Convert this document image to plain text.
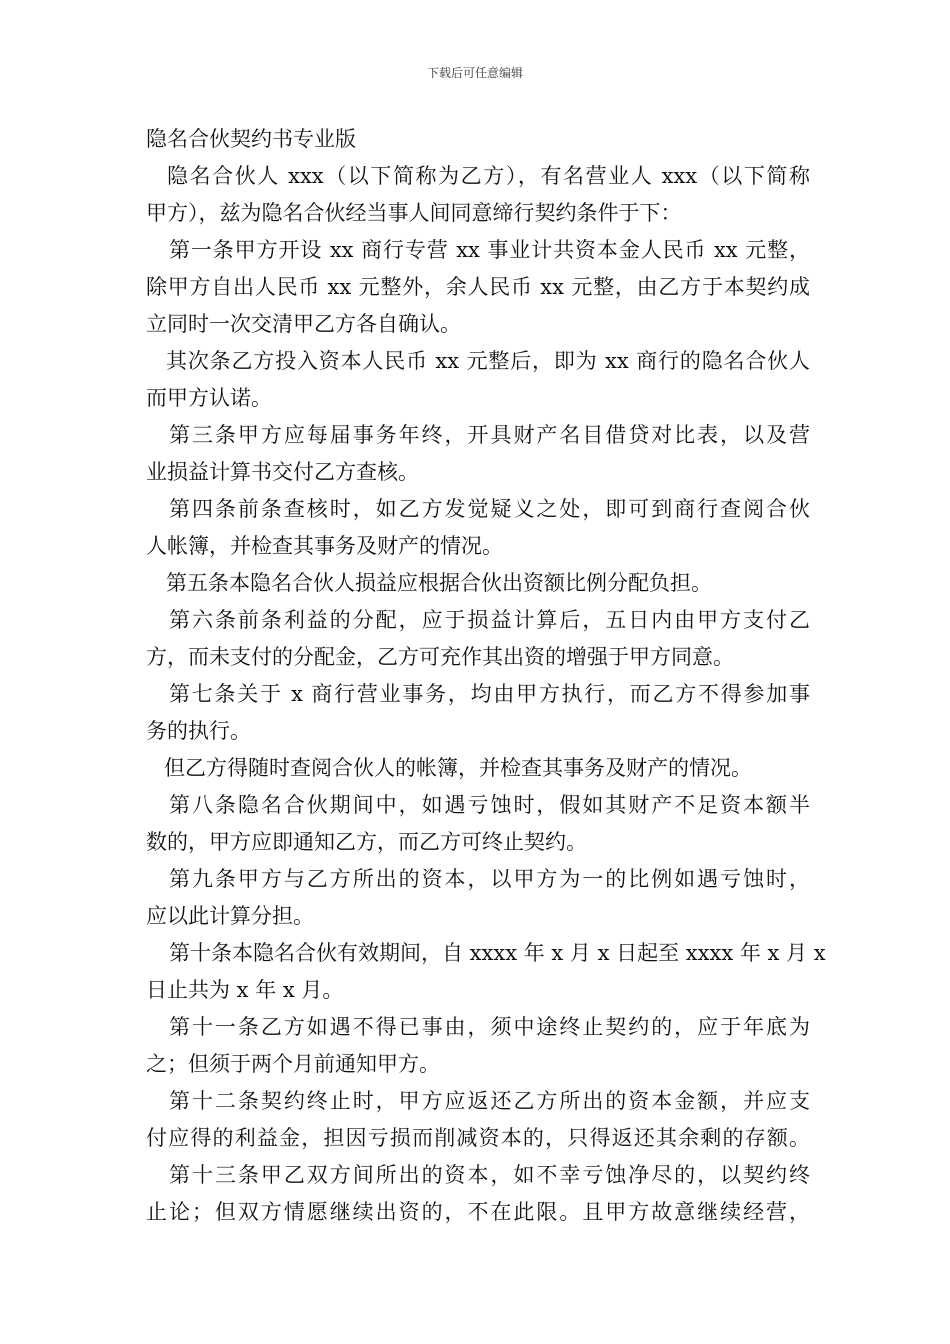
下载后可任意编辑
隐名合伙契约书专业版
隐名合伙人 xxx（以下简称为乙方），有名营业人 xxx（以下简称
甲方），兹为隐名合伙经当事人间同意缔行契约条件于下：
第一条甲方开设 xx 商行专营 xx 事业计共资本金人民币 xx 元整，
除甲方自出人民币 xx 元整外，余人民币 xx 元整，由乙方于本契约成
立同时一次交清甲乙方各自确认。
其次条乙方投入资本人民币 xx 元整后，即为 xx 商行的隐名合伙人
而甲方认诺。
第三条甲方应每届事务年终，开具财产名目借贷对比表，以及营
业损益计算书交付乙方查核。
第四条前条查核时，如乙方发觉疑义之处，即可到商行查阅合伙
人帐簿，并检查其事务及财产的情况。
第五条本隐名合伙人损益应根据合伙出资额比例分配负担。
第六条前条利益的分配，应于损益计算后，五日内由甲方支付乙
方，而未支付的分配金，乙方可充作其出资的增强于甲方同意。
第七条关于 x 商行营业事务，均由甲方执行，而乙方不得参加事
务的执行。
但乙方得随时查阅合伙人的帐簿，并检查其事务及财产的情况。
第八条隐名合伙期间中，如遇亏蚀时，假如其财产不足资本额半
数的，甲方应即通知乙方，而乙方可终止契约。
第九条甲方与乙方所出的资本，以甲方为一的比例如遇亏蚀时，
应以此计算分担。
第十条本隐名合伙有效期间，自 xxxx 年 x 月 x 日起至 xxxx 年 x 月 x
日止共为 x 年 x 月。
第十一条乙方如遇不得已事由，须中途终止契约的，应于年底为
之；但须于两个月前通知甲方。
第十二条契约终止时，甲方应返还乙方所出的资本金额，并应支
付应得的利益金，担因亏损而削减资本的，只得返还其余剩的存额。
第十三条甲乙双方间所出的资本，如不幸亏蚀净尽的，以契约终
止论；但双方情愿继续出资的，不在此限。且甲方故意继续经营，
